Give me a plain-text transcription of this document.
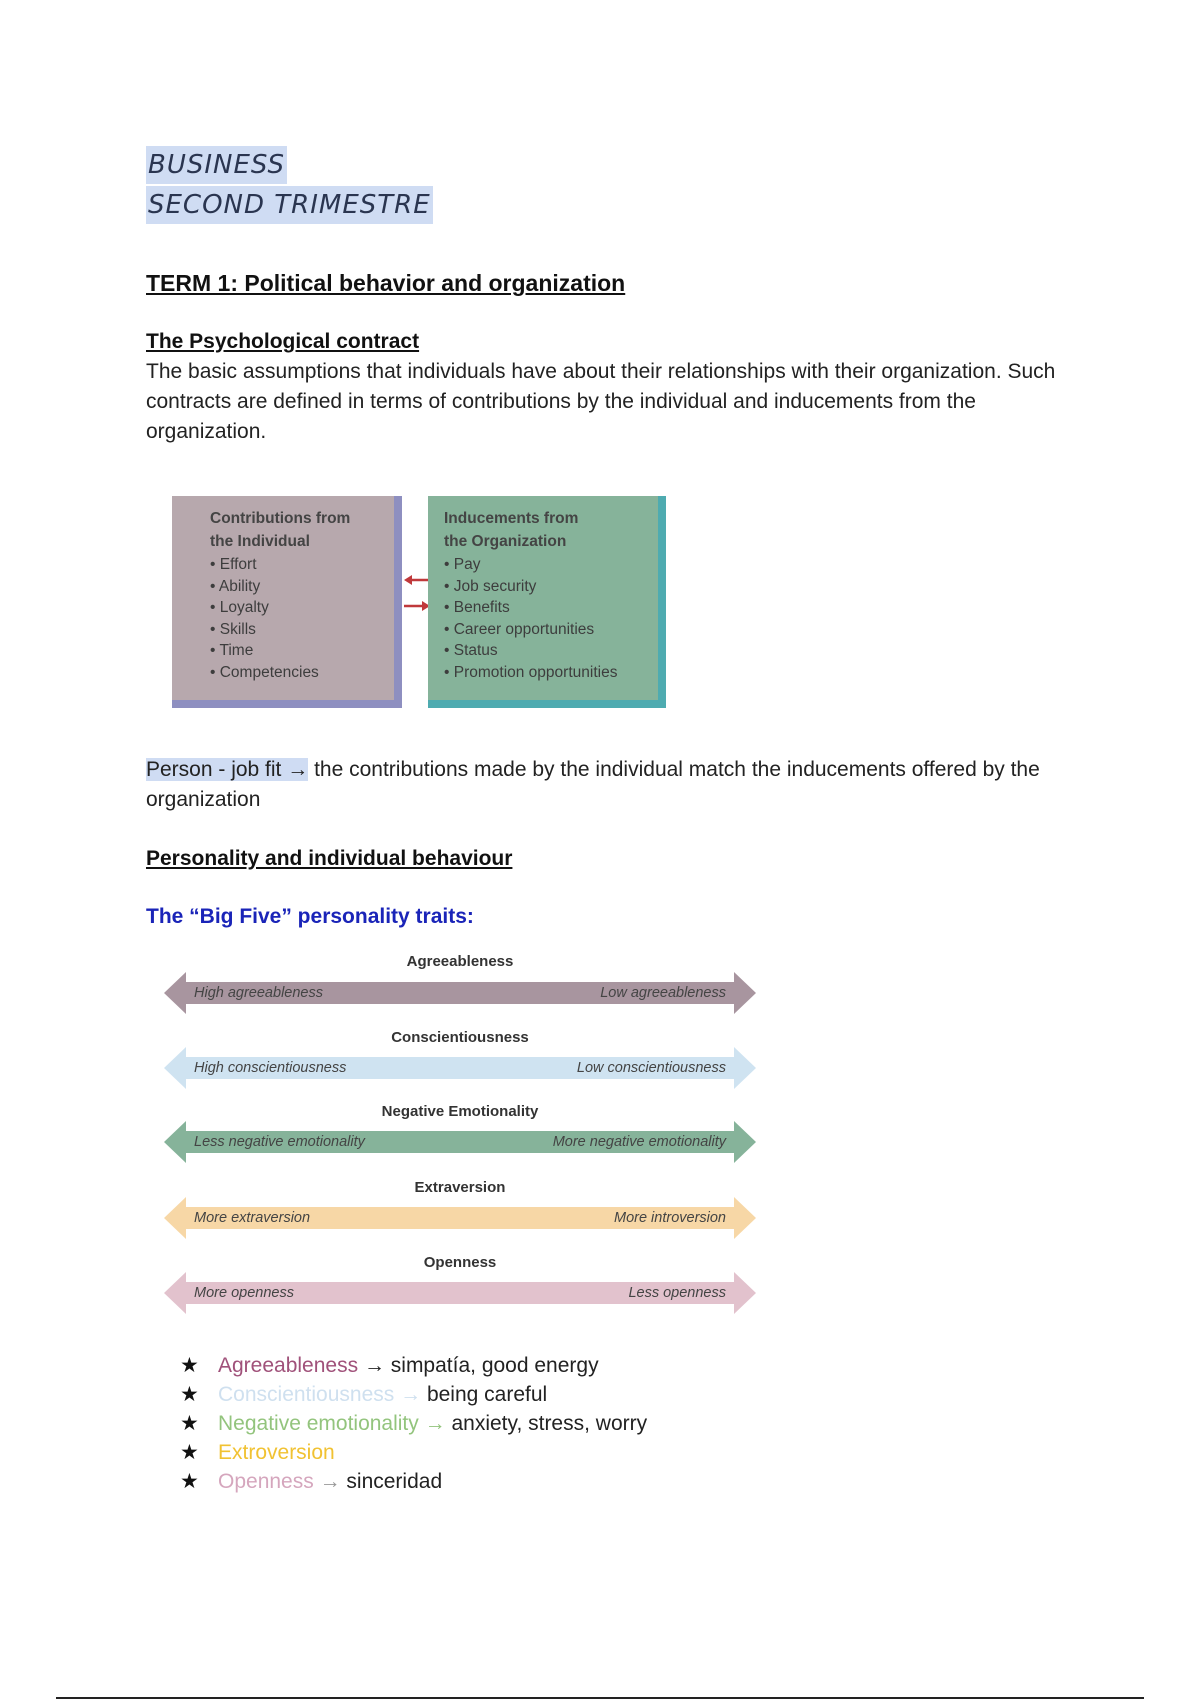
BUSINESS
SECOND TRIMESTRE
TERM 1: Political behavior and organization
The Psychological contract
The basic assumptions that individuals have about their relationships with their organization. Such contracts are defined in terms of contributions by the individual and inducements from the organization.
Contributions from
the Individual
• Effort
• Ability
• Loyalty
• Skills
• Time
• Competencies
Inducements from
the Organization
• Pay
• Job security
• Benefits
• Career opportunities
• Status
• Promotion opportunities
Person - job fit → the contributions made by the individual match the inducements offered by the organization
Personality and individual behaviour
The “Big Five” personality traits:
Agreeableness
High agreeableness	Low agreeableness
Conscientiousness
High conscientiousness	Low conscientiousness
Negative Emotionality
Less negative emotionality	More negative emotionality
Extraversion
More extraversion	More introversion
Openness
More openness	Less openness
★ Agreeableness → simpatía, good energy
★ Conscientiousness → being careful
★ Negative emotionality → anxiety, stress, worry
★ Extroversion
★ Openness → sinceridad
